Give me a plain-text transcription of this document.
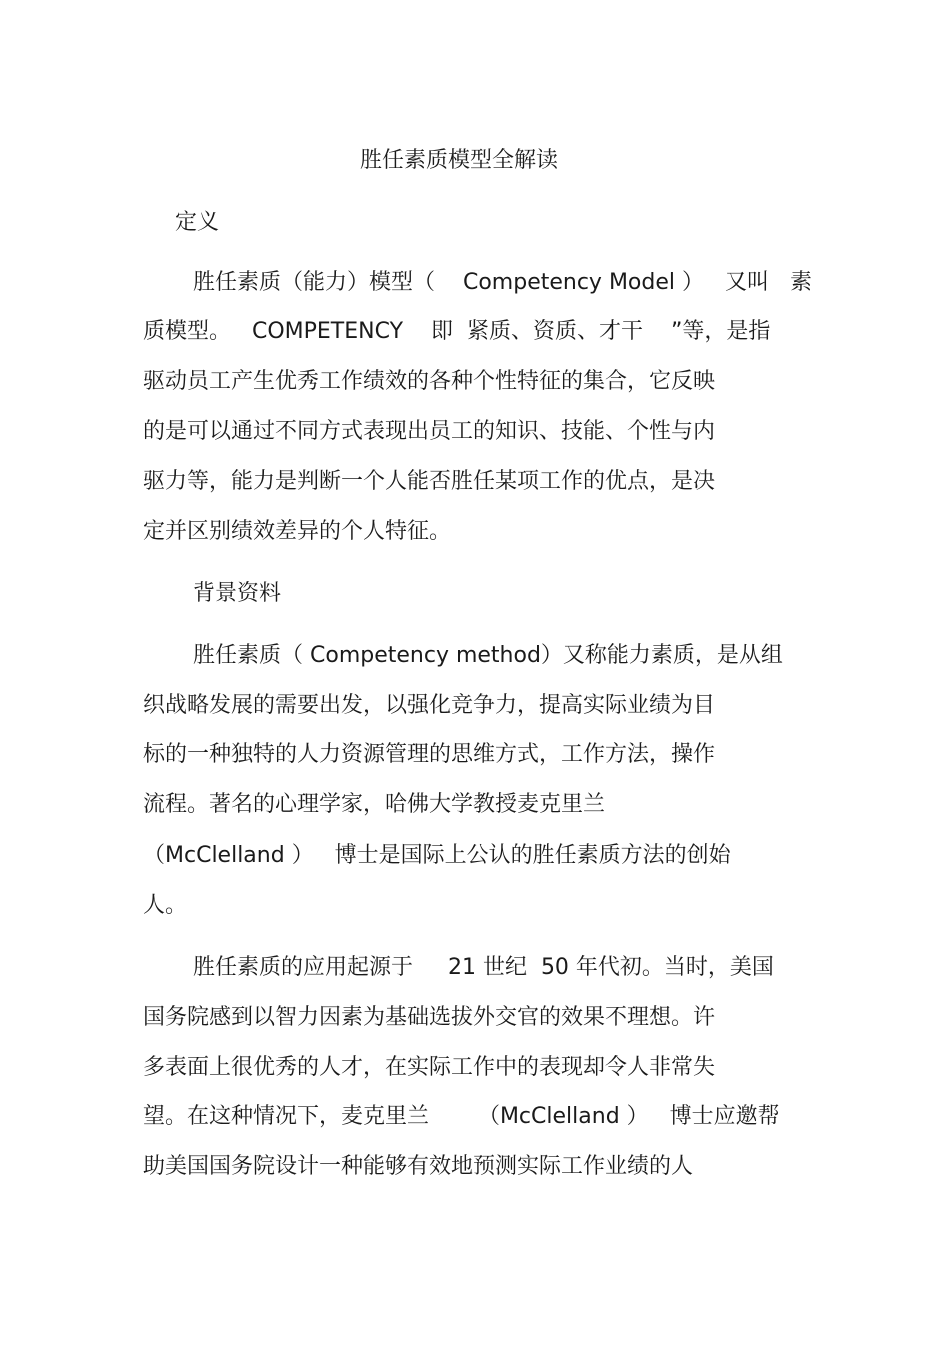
胜任素质模型全解读

定义

胜任素质（能力）模型（    Competency Model ）   又叫   素

质模型。   COMPETENCY    即  紧质、资质、才干    ”等，是指

驱动员工产生优秀工作绩效的各种个性特征的集合，它反映

的是可以通过不同方式表现出员工的知识、技能、个性与内

驱力等，能力是判断一个人能否胜任某项工作的优点，是决

定并区别绩效差异的个人特征。

背景资料

胜任素质（ Competency method）又称能力素质，是从组

织战略发展的需要出发，以强化竞争力，提高实际业绩为目

标的一种独特的人力资源管理的思维方式，工作方法，操作

流程。著名的心理学家，哈佛大学教授麦克里兰

（McClelland ）   博士是国际上公认的胜任素质方法的创始

人。

胜任素质的应用起源于     21 世纪  50 年代初。当时，美国

国务院感到以智力因素为基础选拔外交官的效果不理想。许

多表面上很优秀的人才，在实际工作中的表现却令人非常失

望。在这种情况下，麦克里兰       （McClelland ）   博士应邀帮

助美国国务院设计一种能够有效地预测实际工作业绩的人
